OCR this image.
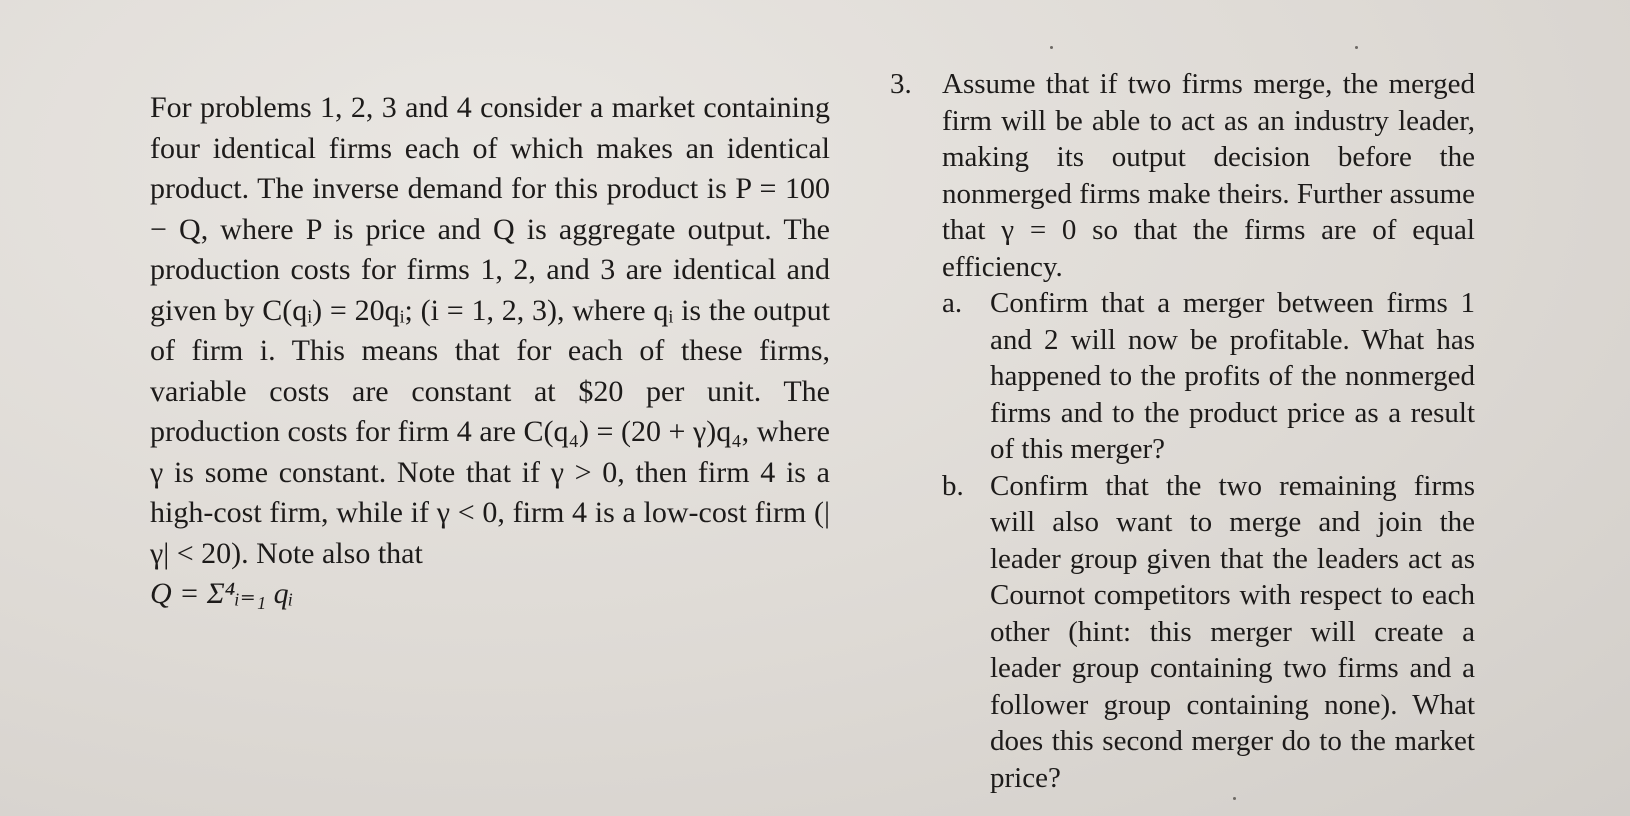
For problems 1, 2, 3 and 4 consider a market containing four identical firms each of which makes an identical product. The inverse demand for this product is P = 100 − Q, where P is price and Q is aggregate output. The production costs for firms 1, 2, and 3 are identical and given by C(qᵢ) = 20qᵢ; (i = 1, 2, 3), where qᵢ is the output of firm i. This means that for each of these firms, variable costs are constant at $20 per unit. The production costs for firm 4 are C(q₄) = (20 + γ)q₄, where γ is some constant. Note that if γ > 0, then firm 4 is a high-cost firm, while if γ < 0, firm 4 is a low-cost firm (|γ| < 20). Note also that

Q = Σ⁴ᵢ₌₁ qᵢ

3.	Assume that if two firms merge, the merged firm will be able to act as an industry leader, making its output decision before the nonmerged firms make theirs. Further assume that γ = 0 so that the firms are of equal efficiency.
a. Confirm that a merger between firms 1 and 2 will now be profitable. What has happened to the profits of the nonmerged firms and to the product price as a result of this merger?
b. Confirm that the two remaining firms will also want to merge and join the leader group given that the leaders act as Cournot competitors with respect to each other (hint: this merger will create a leader group containing two firms and a follower group containing none). What does this second merger do to the market price?
